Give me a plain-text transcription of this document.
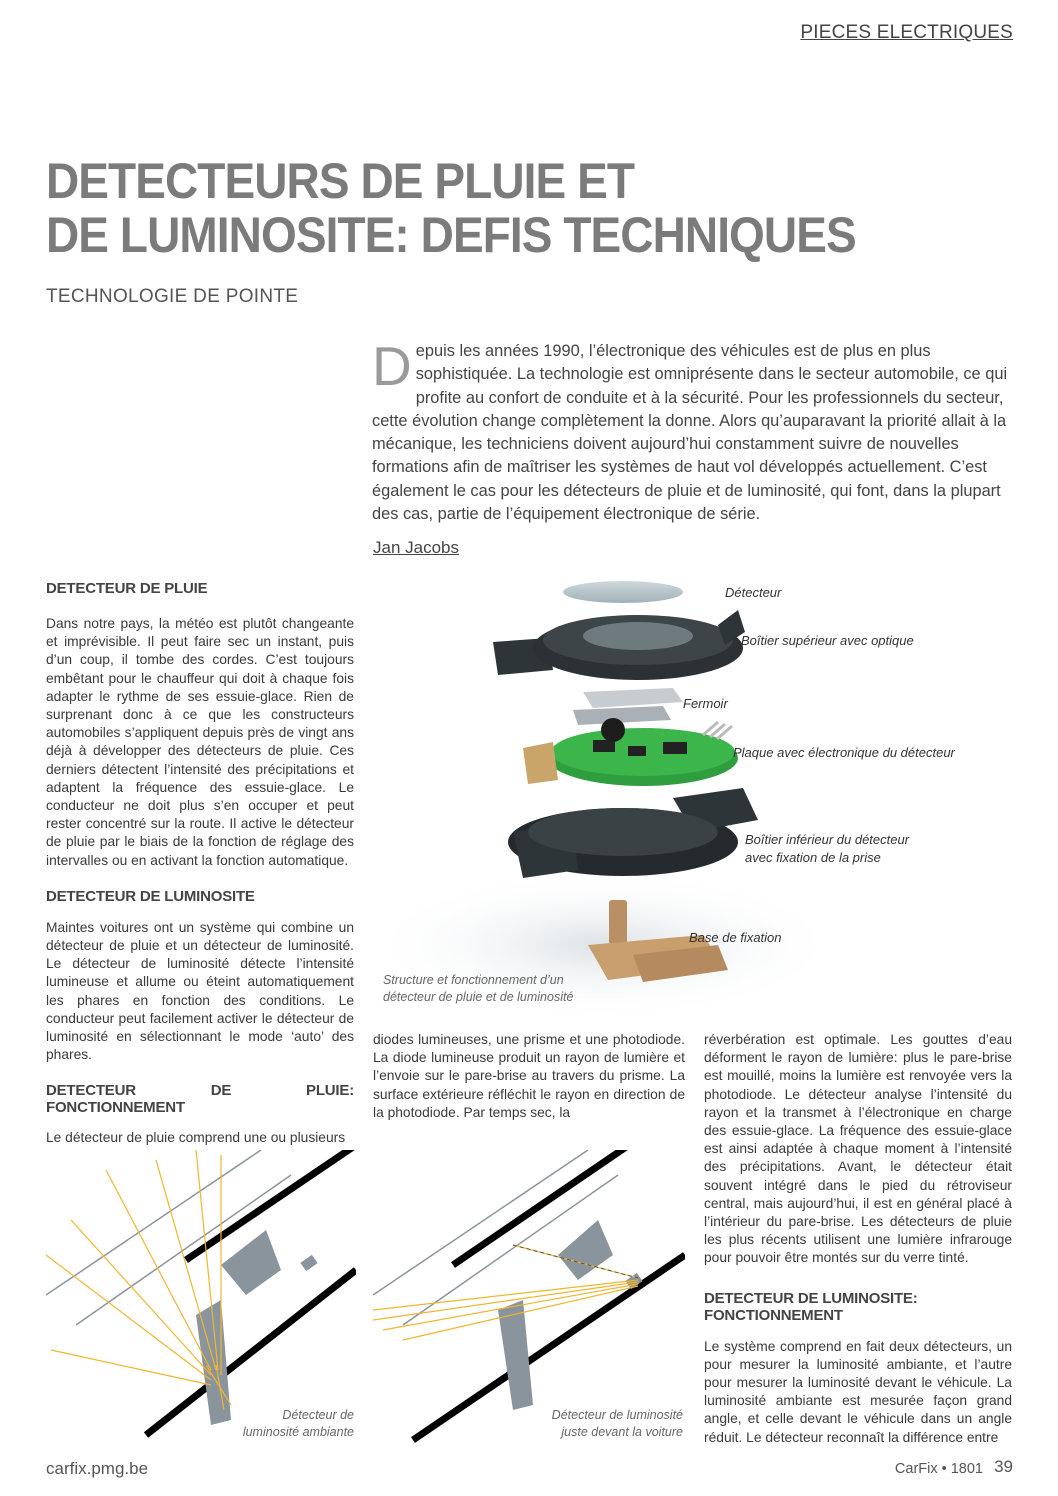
PIECES ELECTRIQUES
DETECTEURS DE PLUIE ET
DE LUMINOSITE: DEFIS TECHNIQUES
TECHNOLOGIE DE POINTE
Depuis les années 1990, l’électronique des véhicules est de plus en plus sophistiquée. La technologie est omniprésente dans le secteur automobile, ce qui profite au confort de conduite et à la sécurité. Pour les professionnels du secteur, cette évolution change complètement la donne. Alors qu’auparavant la priorité allait à la mécanique, les techniciens doivent aujourd’hui constamment suivre de nouvelles formations afin de maîtriser les systèmes de haut vol développés actuellement. C’est également le cas pour les détecteurs de pluie et de luminosité, qui font, dans la plupart des cas, partie de l’équipement électronique de série.
Jan Jacobs
DETECTEUR DE PLUIE

Dans notre pays, la météo est plutôt changeante et imprévisible. Il peut faire sec un instant, puis d’un coup, il tombe des cordes. C’est toujours embêtant pour le chauffeur qui doit à chaque fois adapter le rythme de ses essuie-glace. Rien de surprenant donc à ce que les constructeurs automobiles s’appliquent depuis près de vingt ans déjà à développer des détecteurs de pluie. Ces derniers détectent l’intensité des précipitations et adaptent la fréquence des essuie-glace. Le conducteur ne doit plus s’en occuper et peut rester concentré sur la route. Il active le détecteur de pluie par le biais de la fonction de réglage des intervalles ou en activant la fonction automatique.

DETECTEUR DE LUMINOSITE

Maintes voitures ont un système qui combine un détecteur de pluie et un détecteur de luminosité. Le détecteur de luminosité détecte l’intensité lumineuse et allume ou éteint automatiquement les phares en fonction des conditions. Le conducteur peut facilement activer le détecteur de luminosité en sélectionnant le mode ‘auto’ des phares.

DETECTEUR DE PLUIE: FONCTIONNEMENT

Le détecteur de pluie comprend une ou plusieurs

diodes lumineuses, une prisme et une photodiode. La diode lumineuse produit un rayon de lumière et l’envoie sur le pare-brise au travers du prisme. La surface extérieure réfléchit le rayon en direction de la photodiode. Par temps sec, la

réverbération est optimale. Les gouttes d’eau déforment le rayon de lumière: plus le pare-brise est mouillé, moins la lumière est renvoyée vers la photodiode. Le détecteur analyse l’intensité du rayon et la transmet à l’électronique en charge des essuie-glace. La fréquence des essuie-glace est ainsi adaptée à chaque moment à l’intensité des précipitations. Avant, le détecteur était souvent intégré dans le pied du rétroviseur central, mais aujourd’hui, il est en général placé à l’intérieur du pare-brise. Les détecteurs de pluie les plus récents utilisent une lumière infrarouge pour pouvoir être montés sur du verre tinté.

DETECTEUR DE LUMINOSITE:
FONCTIONNEMENT

Le système comprend en fait deux détecteurs, un pour mesurer la luminosité ambiante, et l’autre pour mesurer la luminosité devant le véhicule. La luminosité ambiante est mesurée façon grand angle, et celle devant le véhicule dans un angle réduit. Le détecteur reconnaît la différence entre

Détecteur
Boîtier supérieur avec optique
Fermoir
Plaque avec électronique du détecteur
Boîtier inférieur du détecteur
avec fixation de la prise
Base de fixation
Structure et fonctionnement d’un
détecteur de pluie et de luminosité
Détecteur de
luminosité ambiante
Détecteur de luminosité
juste devant la voiture
carfix.pmg.be	CarFix • 1801 39
